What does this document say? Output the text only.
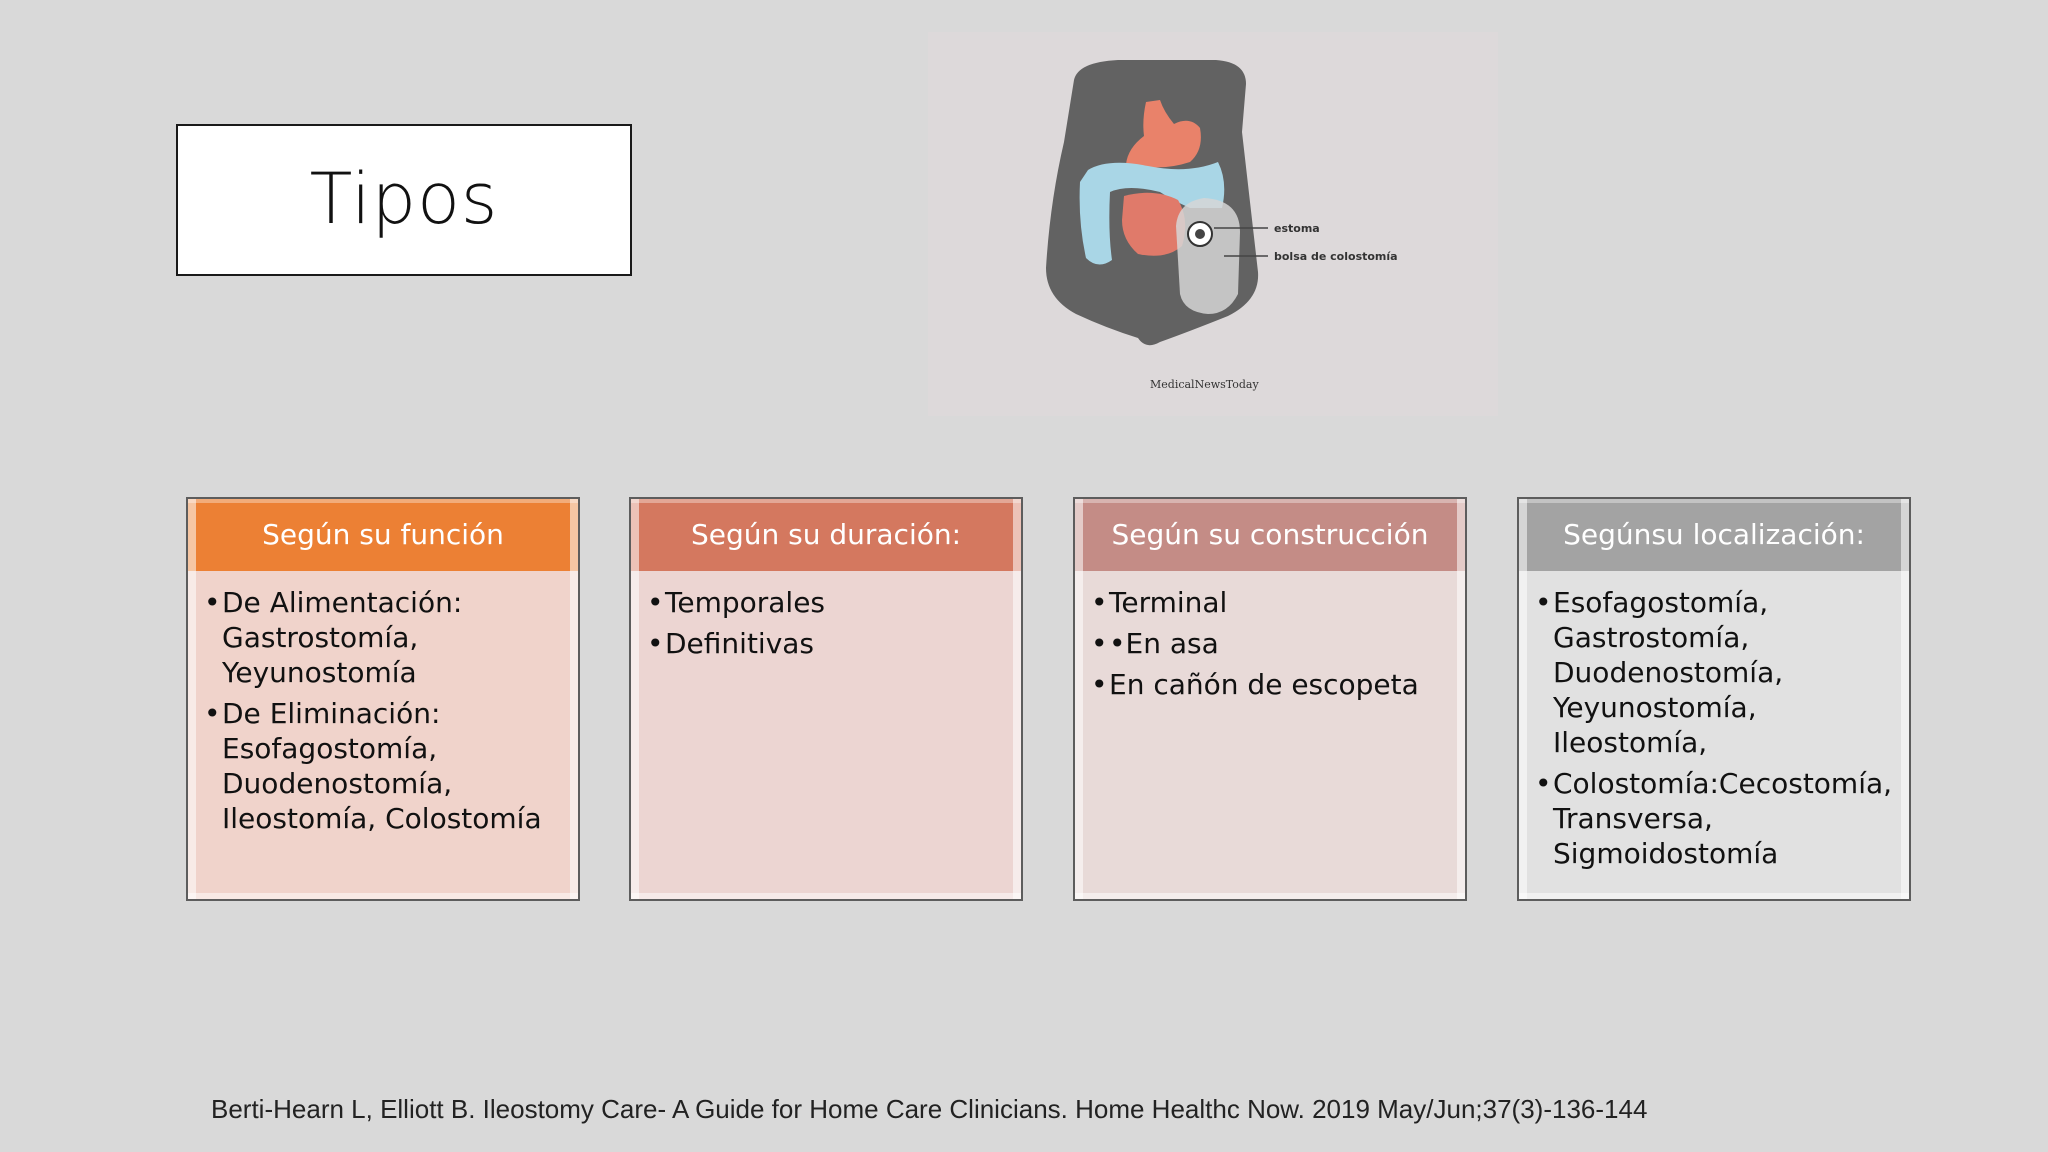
Tipos	estoma
bolsa de colostomía
MedicalNewsToday
Según su función
• De Alimentación: Gastrostomía, Yeyunostomía
• De Eliminación: Esofagostomía, Duodenostomía, Ileostomía, Colostomía
Según su duración:
• Temporales
• Definitivas
Según su construcción
• Terminal
• •En asa
• En cañón de escopeta
Segúnsu localización:
• Esofagostomía, Gastrostomía, Duodenostomía, Yeyunostomía, Ileostomía,
• Colostomía:Cecostomía, Transversa, Sigmoidostomía
Berti-Hearn L, Elliott B. Ileostomy Care- A Guide for Home Care Clinicians. Home Healthc Now. 2019 May/Jun;37(3)-136-144
